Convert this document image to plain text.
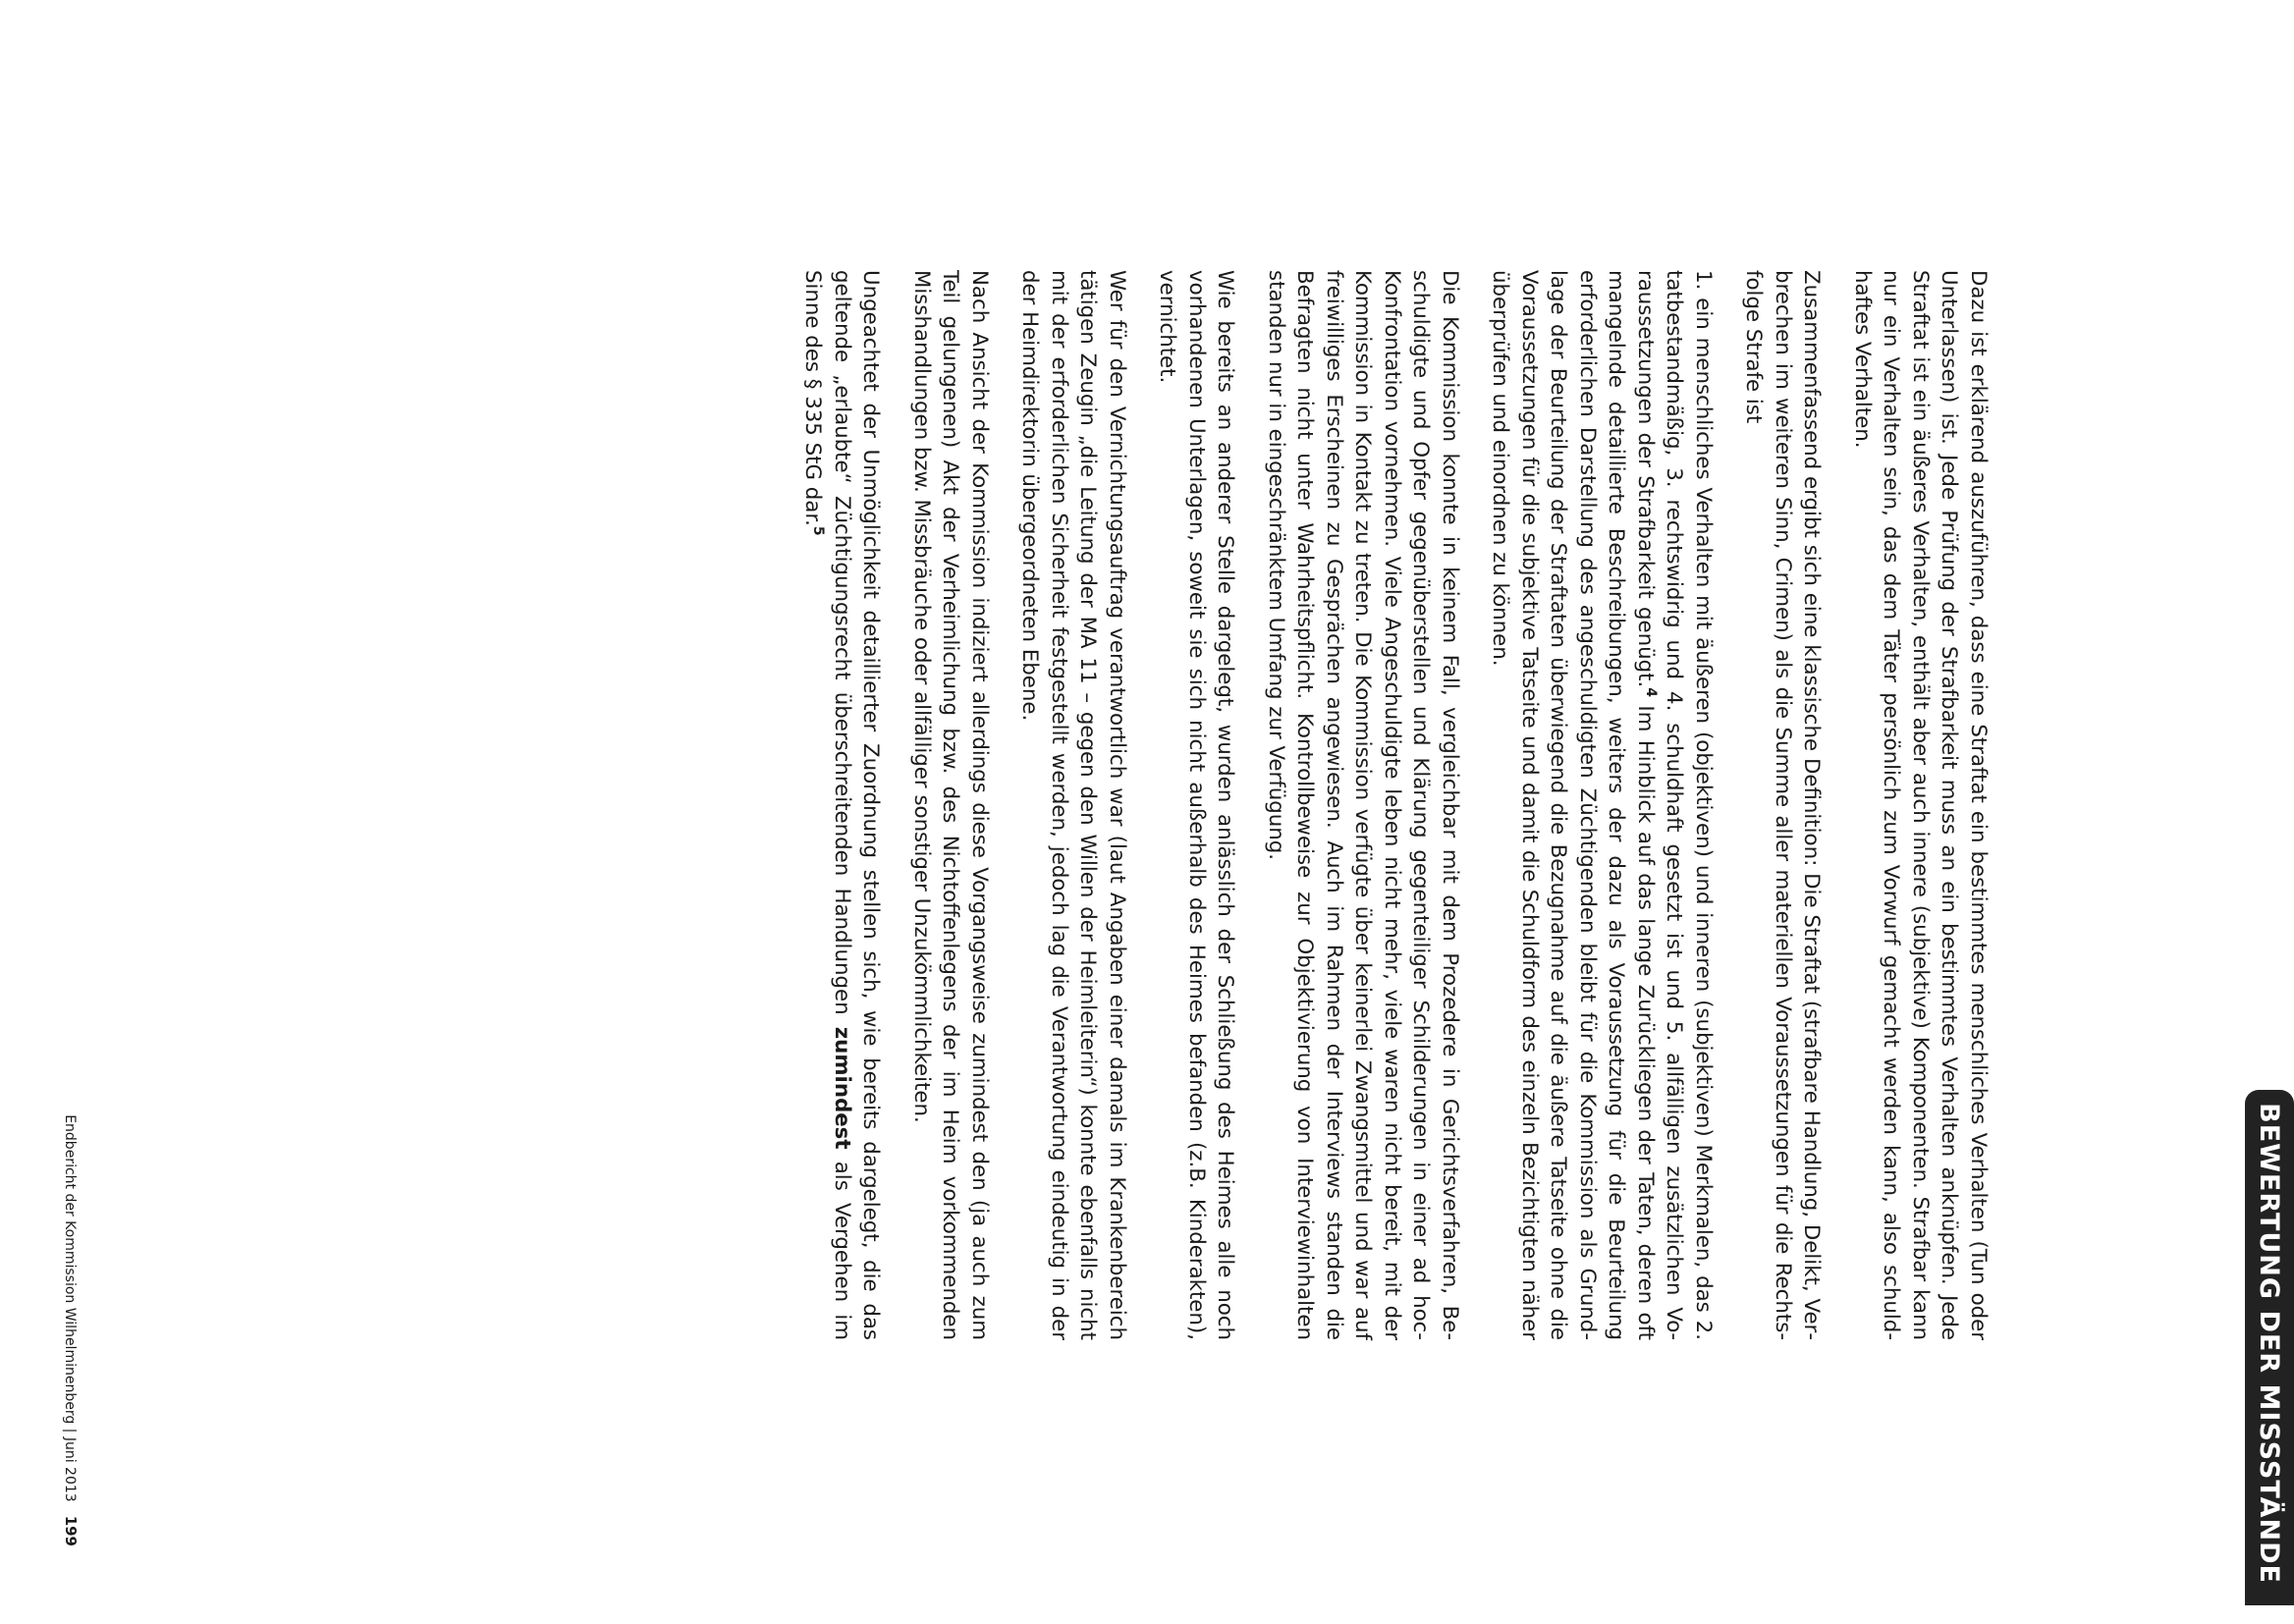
BEWERTUNG DER MISSSTÄNDE

Dazu ist erklärend auszuführen, dass eine Straftat ein bestimmtes menschliches Verhalten (Tun oder Unterlassen) ist. Jede Prüfung der Strafbarkeit muss an ein bestimmtes Verhalten anknüpfen. Jede Straftat ist ein äußeres Verhalten, enthält aber auch innere (subjektive) Komponenten. Strafbar kann nur ein Verhalten sein, das dem Täter persönlich zum Vorwurf gemacht werden kann, also schuldhaftes Verhalten.

Zusammenfassend ergibt sich eine klassische Definition: Die Straftat (strafbare Handlung, Delikt, Verbrechen im weiteren Sinn, Crimen) als die Summe aller materiellen Voraussetzungen für die Rechtsfolge Strafe ist

1. ein menschliches Verhalten mit äußeren (objektiven) und inneren (subjektiven) Merkmalen, das 2. tatbestandmäßig, 3. rechtswidrig und 4. schuldhaft gesetzt ist und 5. allfälligen zusätzlichen Voraussetzungen der Strafbarkeit genügt.$^4$ Im Hinblick auf das lange Zurückliegen der Taten, deren oft mangelnde detaillierte Beschreibungen, weiters der dazu als Voraussetzung für die Beurteilung erforderlichen Darstellung des angeschuldigten Züchtigenden bleibt für die Kommission als Grundlage der Beurteilung der Straftaten überwiegend die Bezugnahme auf die äußere Tatseite ohne die Voraussetzungen für die subjektive Tatseite und damit die Schuldform des einzeln Bezichtigten näher überprüfen und einordnen zu können.

Die Kommission konnte in keinem Fall, vergleichbar mit dem Prozedere in Gerichtsverfahren, Beschuldigte und Opfer gegenüberstellen und Klärung gegenteiliger Schilderungen in einer ad hoc-Konfrontation vornehmen. Viele Angeschuldigte leben nicht mehr, viele waren nicht bereit, mit der Kommission in Kontakt zu treten. Die Kommission verfügte über keinerlei Zwangsmittel und war auf freiwilliges Erscheinen zu Gesprächen angewiesen. Auch im Rahmen der Interviews standen die Befragten nicht unter Wahrheitspflicht. Kontrollbeweise zur Objektivierung von Interviewinhalten standen nur in eingeschränktem Umfang zur Verfügung.

Wie bereits an anderer Stelle dargelegt, wurden anlässlich der Schließung des Heimes alle noch vorhandenen Unterlagen, soweit sie sich nicht außerhalb des Heimes befanden (z.B. Kinderakten), vernichtet.

Wer für den Vernichtungsauftrag verantwortlich war (laut Angaben einer damals im Krankenbereich tätigen Zeugin „die Leitung der MA 11 – gegen den Willen der Heimleiterin“) konnte ebenfalls nicht mit der erforderlichen Sicherheit festgestellt werden, jedoch lag die Verantwortung eindeutig in der der Heimdirektorin übergeordneten Ebene.

Nach Ansicht der Kommission indiziert allerdings diese Vorgangsweise zumindest den (ja auch zum Teil gelungenen) Akt der Verheimlichung bzw. des Nichtoffenlegens der im Heim vorkommenden Misshandlungen bzw. Missbräuche oder allfälliger sonstiger Unzukömmlichkeiten.

Ungeachtet der Unmöglichkeit detaillierter Zuordnung stellen sich, wie bereits dargelegt, die das geltende „erlaubte“ Züchtigungsrecht überschreitenden Handlungen zumindest als Vergehen im Sinne des § 335 StG dar.$^5$

Endbericht der Kommission Wilhelminenberg | Juni 2013
199
